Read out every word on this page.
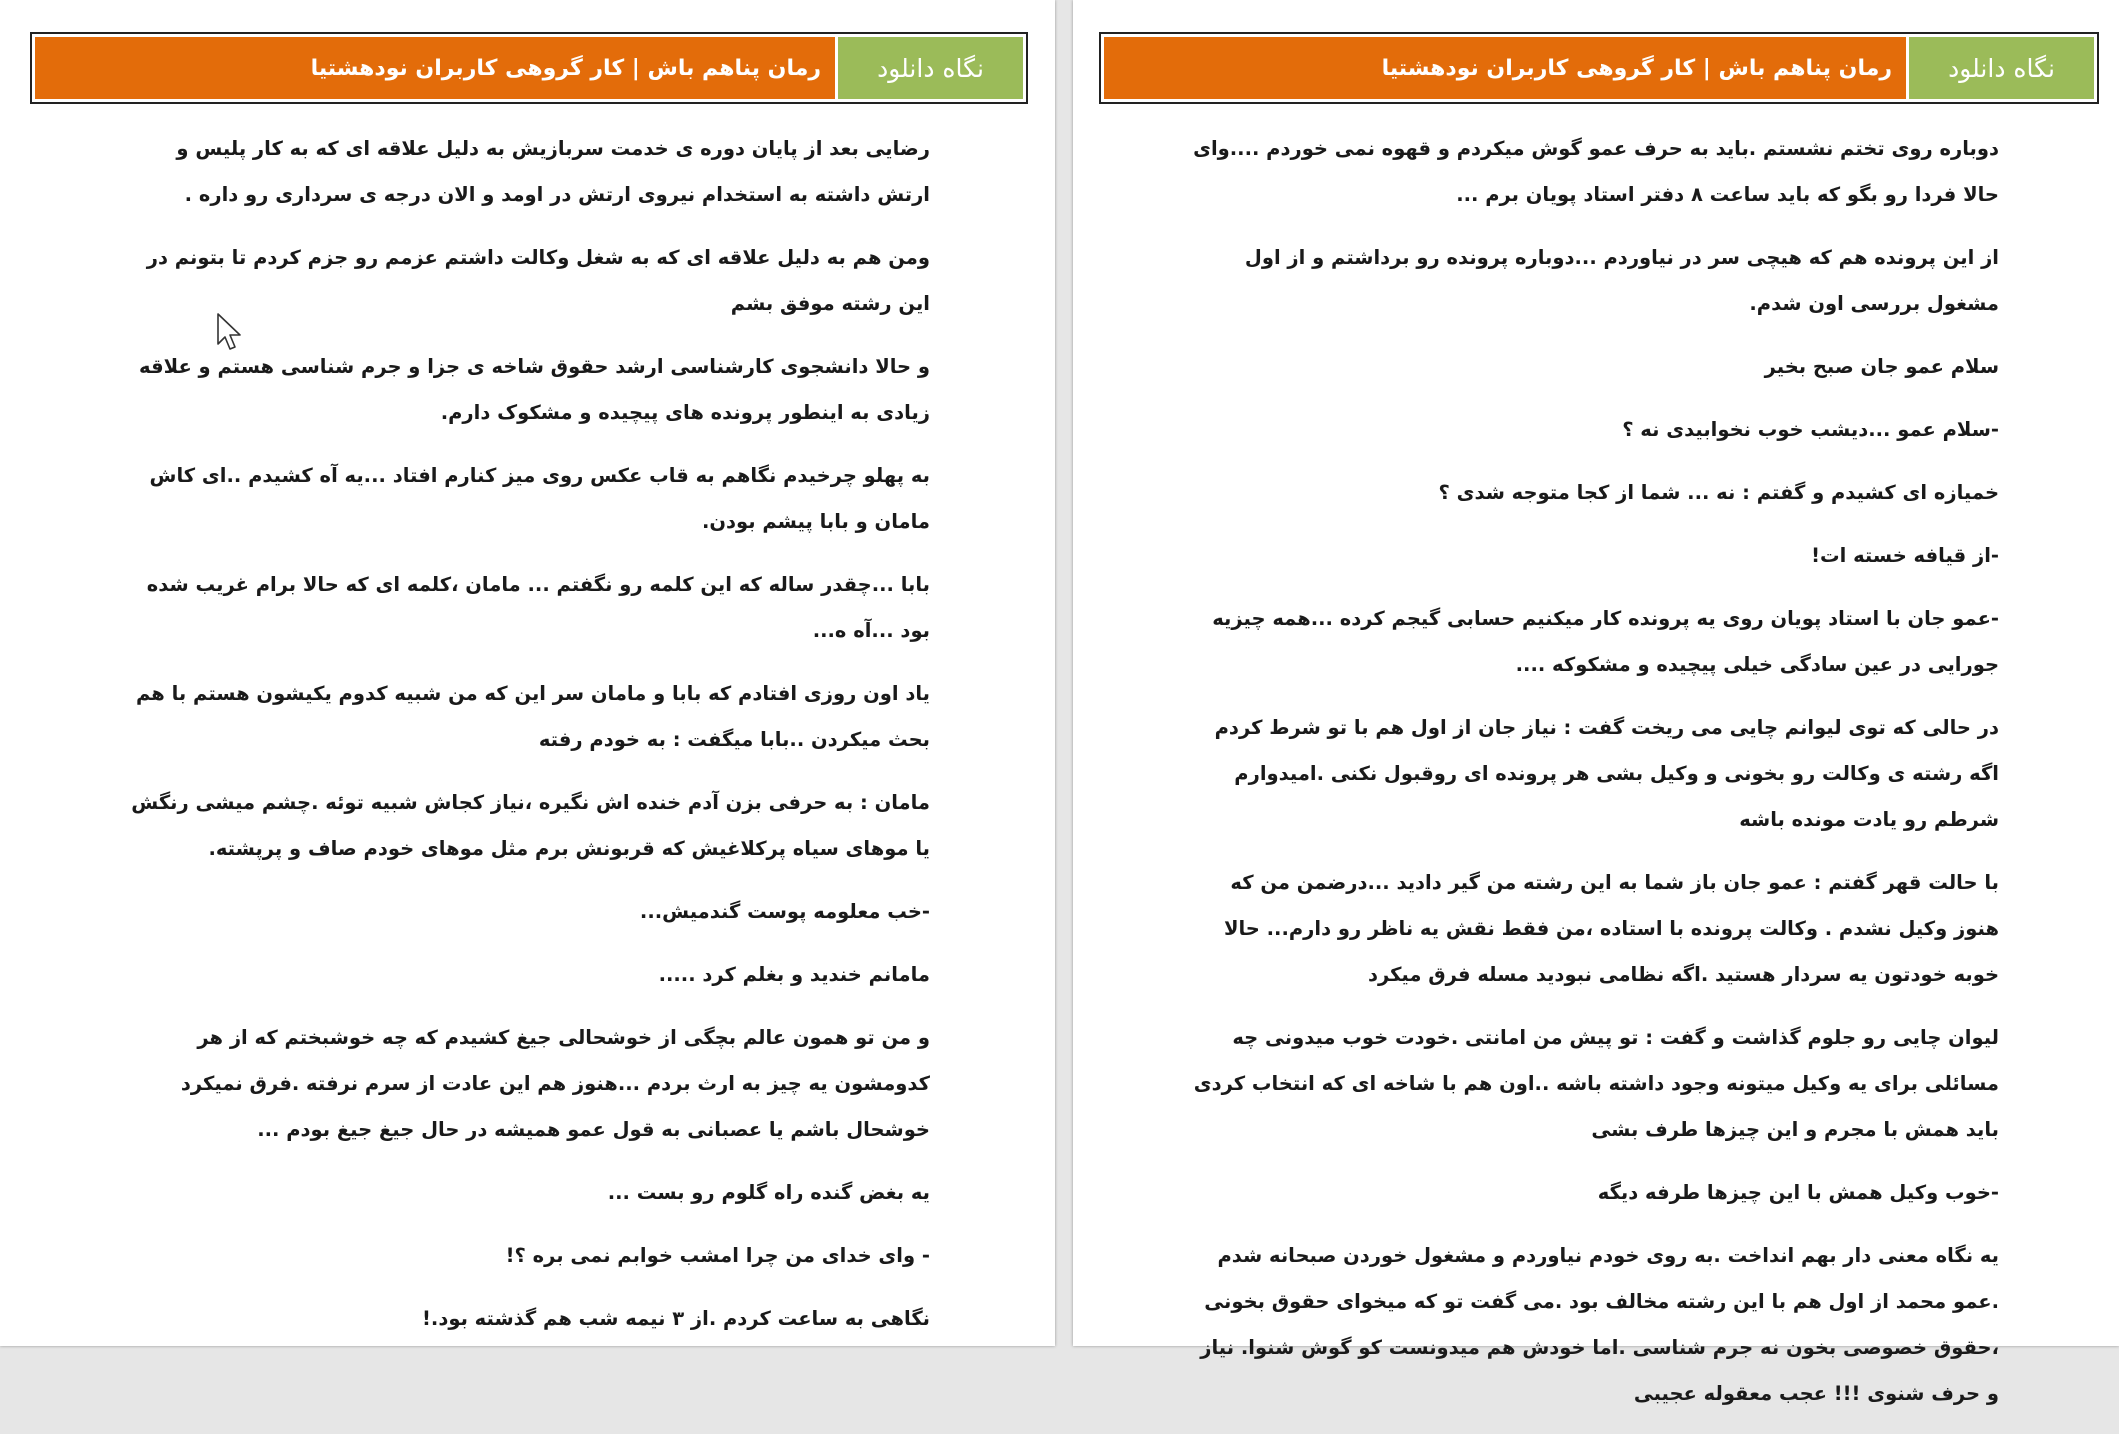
نگاه دانلود
رمان پناهم باش | کار گروهی کاربران نودهشتیا

رضایی بعد از پایان دوره ی خدمت سربازیش به دلیل علاقه ای که به کار پلیس و ارتش داشته به استخدام نیروی ارتش در اومد و الان درجه ی سرداری رو داره .

ومن هم به دلیل علاقه ای که به شغل وکالت داشتم عزمم رو جزم کردم تا بتونم در این رشته موفق بشم

و حالا دانشجوی کارشناسی ارشد حقوق شاخه ی جزا و جرم شناسی هستم و علاقه زیادی به اینطور پرونده های پیچیده و مشکوک دارم.

به پهلو چرخیدم نگاهم به قاب عکس روی میز کنارم افتاد ...یه آه کشیدم ..ای کاش مامان و بابا پیشم بودن.

بابا ...چقدر ساله که این کلمه رو نگفتم ... مامان ،کلمه ای که حالا برام غریب شده بود ...آه ه...

یاد اون روزی افتادم که بابا و مامان سر این که من شبیه کدوم یکیشون هستم با هم بحث میکردن ..بابا میگفت : به خودم رفته

مامان : به حرفی بزن آدم خنده اش نگیره ،نیاز کجاش شبیه توئه .چشم میشی رنگش یا موهای سیاه پرکلاغیش که قربونش برم مثل موهای خودم صاف و پرپشته.

-خب معلومه پوست گندمیش...

مامانم خندید و بغلم کرد .....

و من تو همون عالم بچگی از خوشحالی جیغ کشیدم که چه خوشبختم که از هر کدومشون یه چیز به ارث بردم ...هنوز هم این عادت از سرم نرفته .فرق نمیکرد خوشحال باشم یا عصبانی به قول عمو همیشه در حال جیغ جیغ بودم ...

یه بغض گنده راه گلوم رو بست ...

- وای خدای من چرا امشب خوابم نمی بره ؟!

نگاهی به ساعت کردم .از ۳ نیمه شب هم گذشته بود.!

نگاه دانلود
رمان پناهم باش | کار گروهی کاربران نودهشتیا

دوباره روی تختم نشستم .باید به حرف عمو گوش میکردم و قهوه نمی خوردم ....وای حالا فردا رو بگو که باید ساعت ۸ دفتر استاد پویان برم ...

از این پرونده هم که هیچی سر در نیاوردم ...دوباره پرونده رو برداشتم و از اول مشغول بررسی اون شدم.

سلام عمو جان صبح بخیر

-سلام عمو ...دیشب خوب نخوابیدی نه ؟

خمیازه ای کشیدم و گفتم : نه ... شما از کجا متوجه شدی ؟

-از قیافه خسته ات!

-عمو جان با استاد پویان روی یه پرونده کار میکنیم حسابی گیجم کرده ...همه چیزیه جورایی در عین سادگی خیلی پیچیده و مشکوکه ....

در حالی که توی لیوانم چایی می ریخت گفت : نیاز جان از اول هم با تو شرط کردم اگه رشته ی وکالت رو بخونی و وکیل بشی هر پرونده ای روقبول نکنی .امیدوارم شرطم رو یادت مونده باشه

با حالت قهر گفتم : عمو جان باز شما به این رشته من گیر دادید ...درضمن من که هنوز وکیل نشدم . وکالت پرونده با استاده ،من فقط نقش یه ناظر رو دارم... حالا خوبه خودتون یه سردار هستید .اگه نظامی نبودید مسله فرق میکرد

لیوان چایی رو جلوم گذاشت و گفت : تو پیش من امانتی .خودت خوب میدونی چه مسائلی برای یه وکیل میتونه وجود داشته باشه ..اون هم با شاخه ای که انتخاب کردی باید همش با مجرم و این چیزها طرف بشی

-خوب وکیل همش با این چیزها طرفه دیگه

یه نگاه معنی دار بهم انداخت .به روی خودم نیاوردم و مشغول خوردن صبحانه شدم .عمو محمد از اول هم با این رشته مخالف بود .می گفت تو که میخوای حقوق بخونی ،حقوق خصوصی بخون نه جرم شناسی .اما خودش هم میدونست کو گوش شنوا. نیاز و حرف شنوی !!! عجب معقوله عجیبی
